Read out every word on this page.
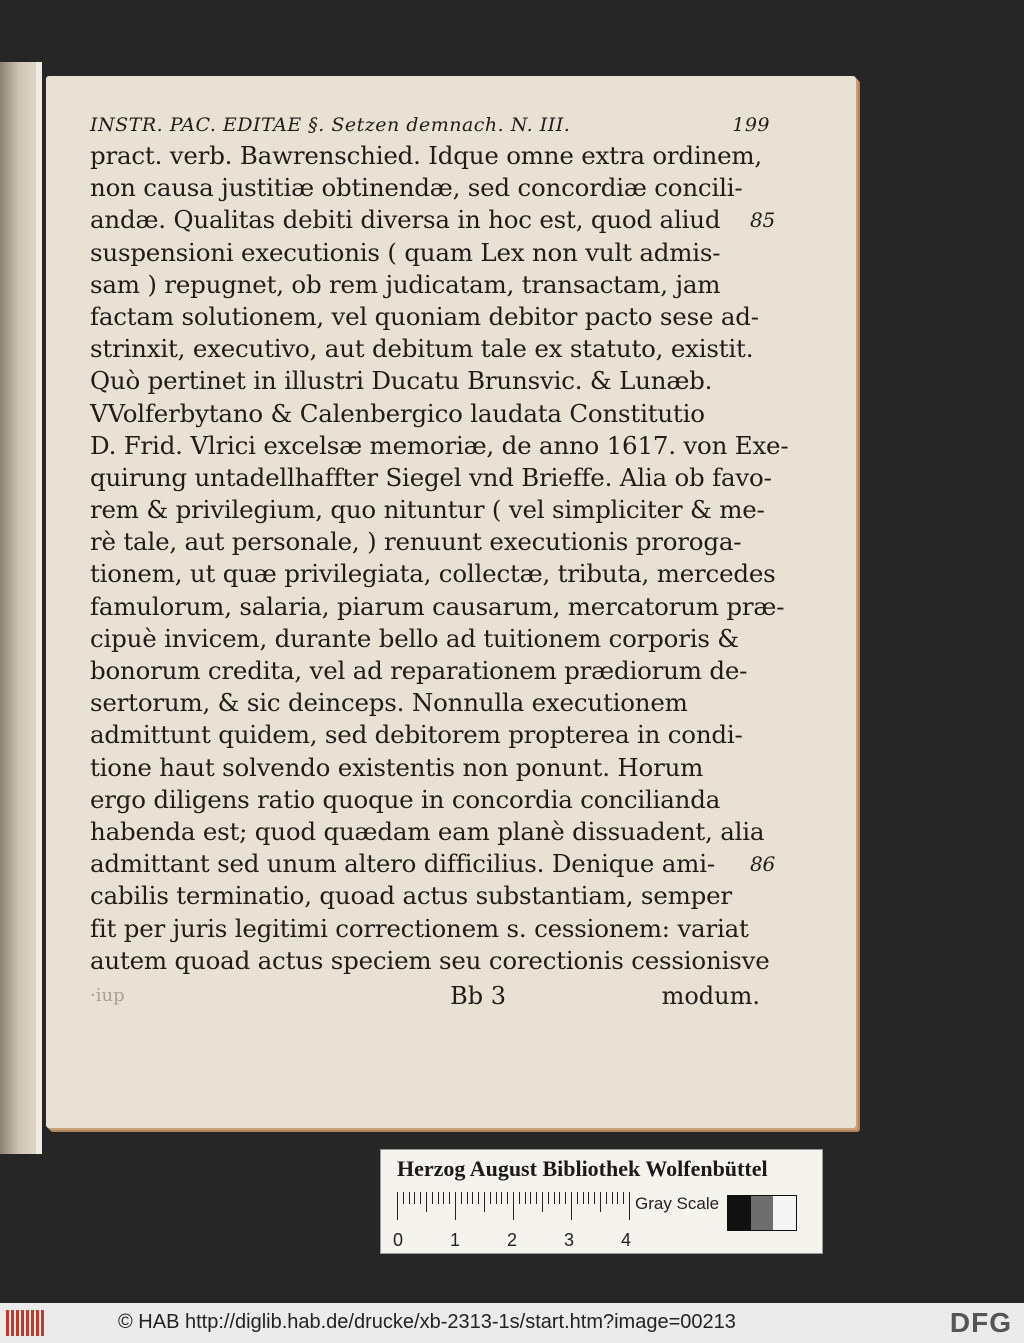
INSTR. PAC. EDITAE §. Setzen demnach. N. III.	199
pract. verb. Bawrenschied. Idque omne extra ordinem,
non causa justitiæ obtinendæ, sed concordiæ concili-
andæ. Qualitas debiti diversa in hoc est, quod aliud 85
suspensioni executionis ( quam Lex non vult admis-
sam ) repugnet, ob rem judicatam, transactam, jam
factam solutionem, vel quoniam debitor pacto sese ad-
strinxit, executivo, aut debitum tale ex statuto, existit.
Quò pertinet in illustri Ducatu Brunsvic. & Lunæb.
VVolferbytano & Calenbergico laudata Constitutio
D. Frid. Vlrici excelsæ memoriæ, de anno 1617. von Exe-
quirung untadellhaffter Siegel vnd Brieffe. Alia ob favo-
rem & privilegium, quo nituntur ( vel simpliciter & me-
rè tale, aut personale, ) renuunt executionis proroga-
tionem, ut quæ privilegiata, collectæ, tributa, mercedes
famulorum, salaria, piarum causarum, mercatorum præ-
cipuè invicem, durante bello ad tuitionem corporis &
bonorum credita, vel ad reparationem prædiorum de-
sertorum, & sic deinceps. Nonnulla executionem
admittunt quidem, sed debitorem propterea in condi-
tione haut solvendo existentis non ponunt. Horum
ergo diligens ratio quoque in concordia concilianda
habenda est; quod quædam eam planè dissuadent, alia
admittant sed unum altero difficilius. Denique ami- 86
cabilis terminatio, quoad actus substantiam, semper
fit per juris legitimi correctionem s. cessionem: variat
autem quoad actus speciem seu corectionis cessionisve
·iup	Bb 3	modum.
Herzog August Bibliothek Wolfenbüttel
0	1	2	3	4
Gray Scale
© HAB http://diglib.hab.de/drucke/xb-2313-1s/start.htm?image=00213	DFG
